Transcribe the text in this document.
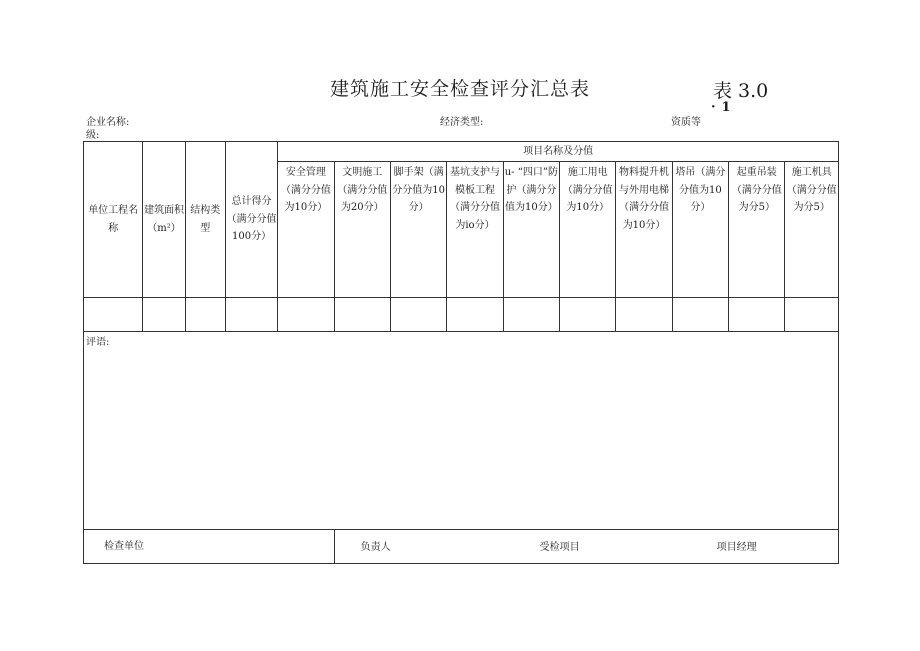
建筑施工安全检查评分汇总表	表 3.0
· 1
企业名称:	经济类型:	资质等
级:
单位工程名称	建筑面积（m²）	结构类型	总计得分（满分分值100分）	项目名称及分值									
				安全管理（满分分值为10分）	文明施工（满分分值为20分）	脚手架（满分分值为10分）	基坑支护与模板工程（满分分值为io分）	u- “四口”防护（满分分值为10分）	施工用电（满分分值为10分）	物料提升机与外用电梯（满分分值为10分）	塔吊（满分分值为10分）	起重吊装（满分分值为分5）	施工机具（满分分值为分5）

评语:													
检查单位					负责人 受检项目 项目经理								
